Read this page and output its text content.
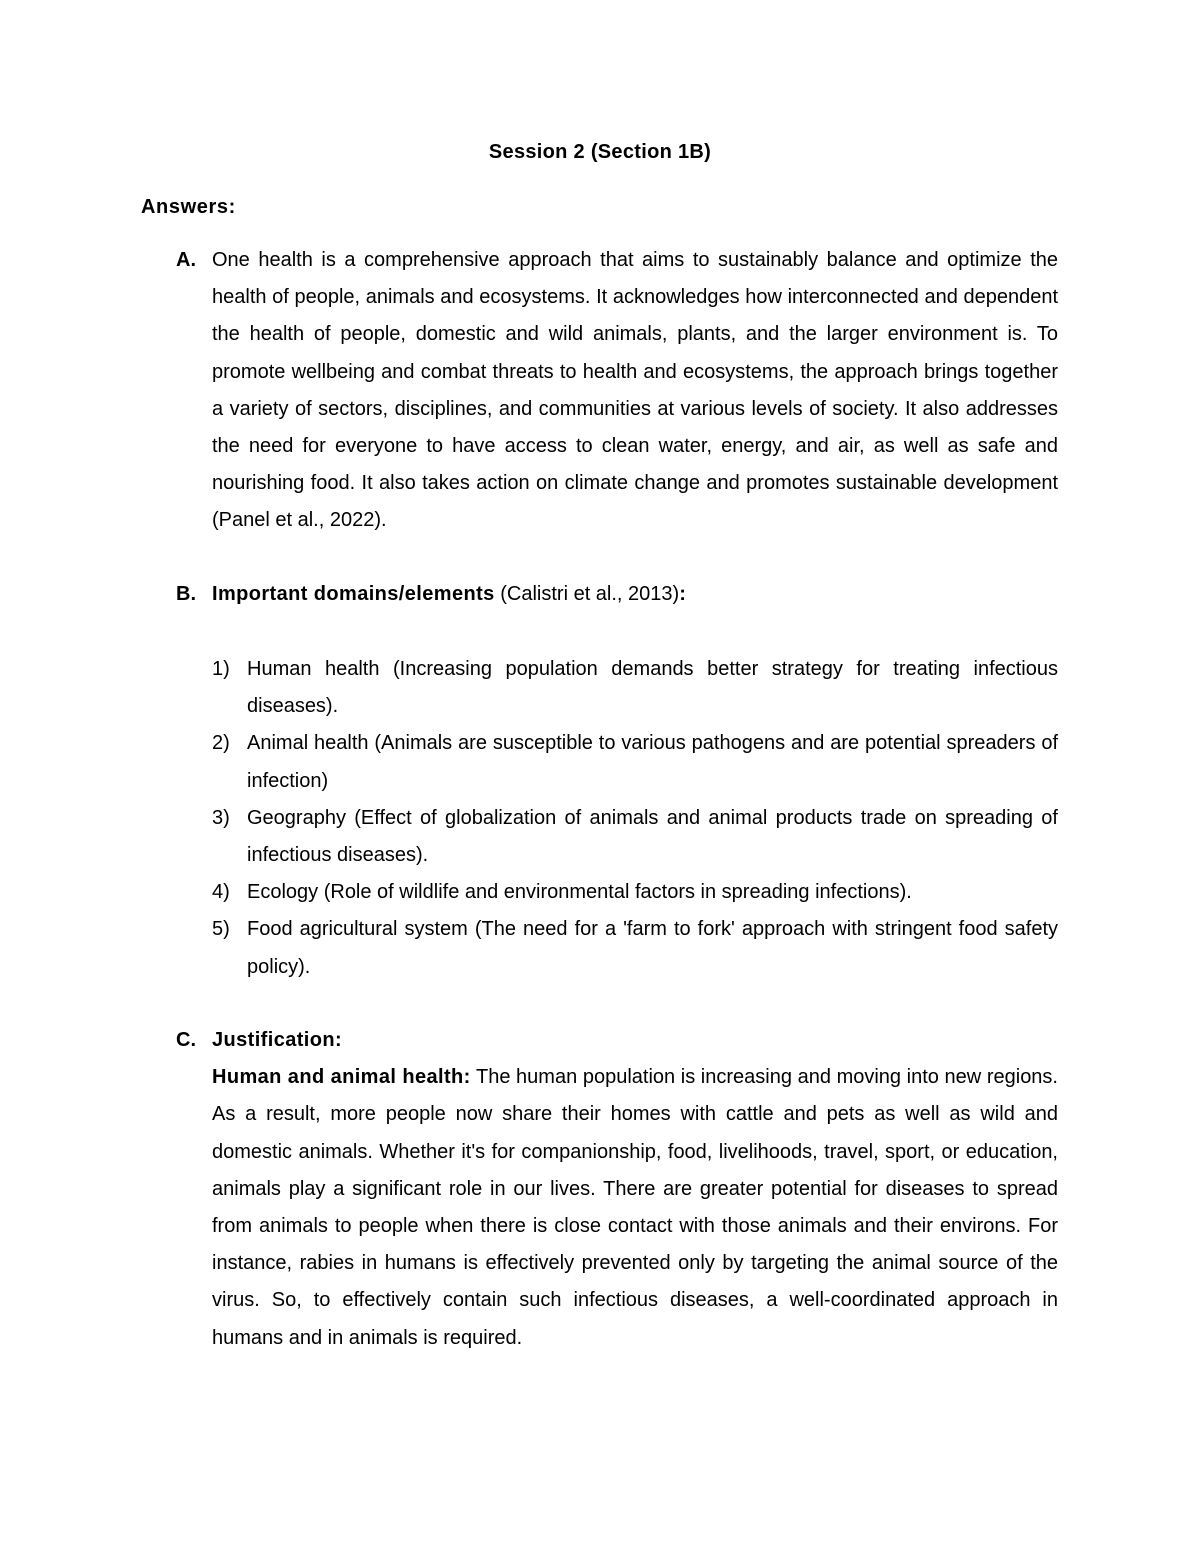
Session 2 (Section 1B)
Answers:
A. One health is a comprehensive approach that aims to sustainably balance and optimize the health of people, animals and ecosystems. It acknowledges how interconnected and dependent the health of people, domestic and wild animals, plants, and the larger environment is. To promote wellbeing and combat threats to health and ecosystems, the approach brings together a variety of sectors, disciplines, and communities at various levels of society. It also addresses the need for everyone to have access to clean water, energy, and air, as well as safe and nourishing food. It also takes action on climate change and promotes sustainable development (Panel et al., 2022).
B. Important domains/elements (Calistri et al., 2013):
1) Human health (Increasing population demands better strategy for treating infectious diseases).
2) Animal health (Animals are susceptible to various pathogens and are potential spreaders of infection)
3) Geography (Effect of globalization of animals and animal products trade on spreading of infectious diseases).
4) Ecology (Role of wildlife and environmental factors in spreading infections).
5) Food agricultural system (The need for a 'farm to fork' approach with stringent food safety policy).
C. Justification:
Human and animal health: The human population is increasing and moving into new regions. As a result, more people now share their homes with cattle and pets as well as wild and domestic animals. Whether it's for companionship, food, livelihoods, travel, sport, or education, animals play a significant role in our lives. There are greater potential for diseases to spread from animals to people when there is close contact with those animals and their environs. For instance, rabies in humans is effectively prevented only by targeting the animal source of the virus. So, to effectively contain such infectious diseases, a well-coordinated approach in humans and in animals is required.
